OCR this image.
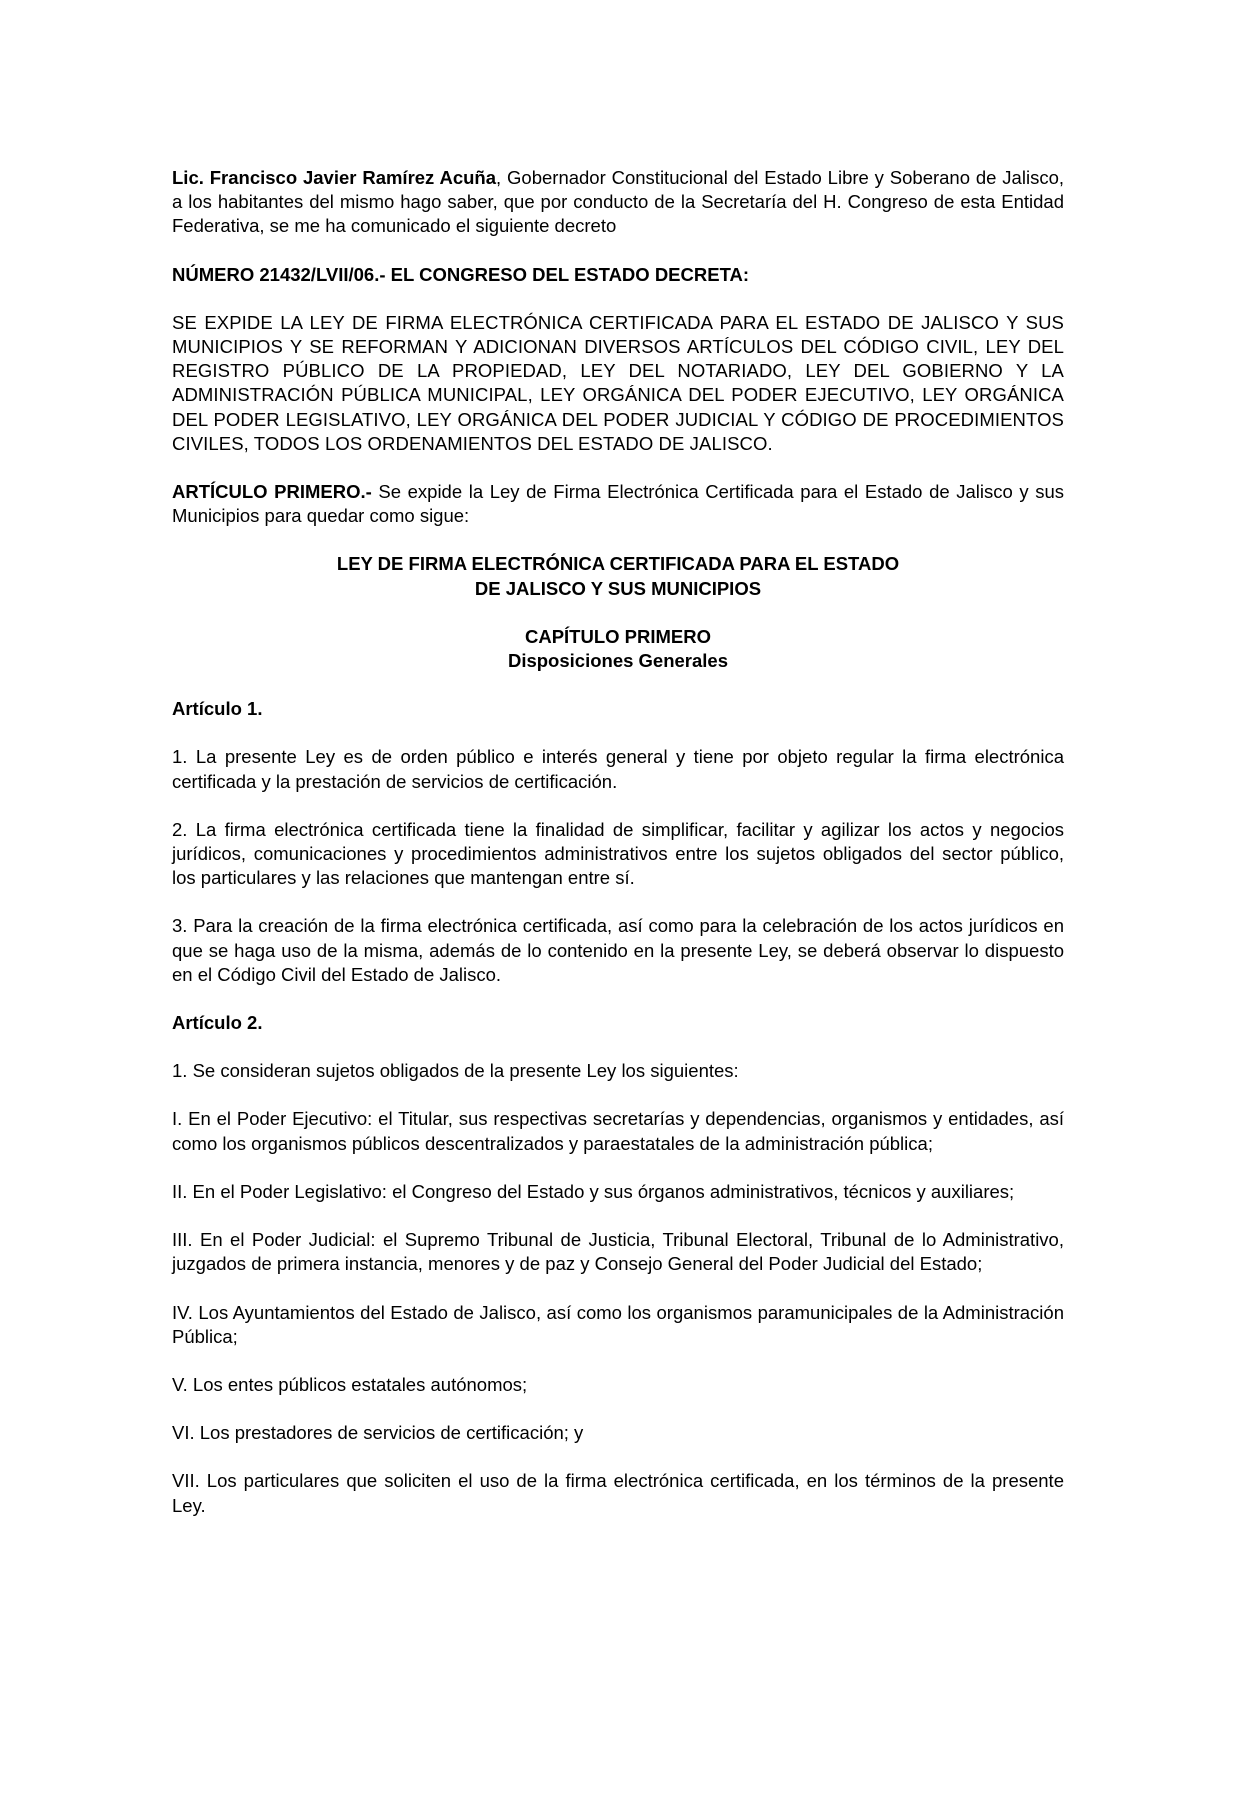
Lic. Francisco Javier Ramírez Acuña, Gobernador Constitucional del Estado Libre y Soberano de Jalisco, a los habitantes del mismo hago saber, que por conducto de la Secretaría del H. Congreso de esta Entidad Federativa, se me ha comunicado el siguiente decreto

NÚMERO 21432/LVII/06.- EL CONGRESO DEL ESTADO DECRETA:

SE EXPIDE LA LEY DE FIRMA ELECTRÓNICA CERTIFICADA PARA EL ESTADO DE JALISCO Y SUS MUNICIPIOS Y SE REFORMAN Y ADICIONAN DIVERSOS ARTÍCULOS DEL CÓDIGO CIVIL, LEY DEL REGISTRO PÚBLICO DE LA PROPIEDAD, LEY DEL NOTARIADO, LEY DEL GOBIERNO Y LA ADMINISTRACIÓN PÚBLICA MUNICIPAL, LEY ORGÁNICA DEL PODER EJECUTIVO, LEY ORGÁNICA DEL PODER LEGISLATIVO, LEY ORGÁNICA DEL PODER JUDICIAL Y CÓDIGO DE PROCEDIMIENTOS CIVILES, TODOS LOS ORDENAMIENTOS DEL ESTADO DE JALISCO.

ARTÍCULO PRIMERO.- Se expide la Ley de Firma Electrónica Certificada para el Estado de Jalisco y sus Municipios para quedar como sigue:

LEY DE FIRMA ELECTRÓNICA CERTIFICADA PARA EL ESTADO
DE JALISCO Y SUS MUNICIPIOS

CAPÍTULO PRIMERO
Disposiciones Generales

Artículo 1.

1. La presente Ley es de orden público e interés general y tiene por objeto regular la firma electrónica certificada y la prestación de servicios de certificación.

2. La firma electrónica certificada tiene la finalidad de simplificar, facilitar y agilizar los actos y negocios jurídicos, comunicaciones y procedimientos administrativos entre los sujetos obligados del sector público, los particulares y las relaciones que mantengan entre sí.

3. Para la creación de la firma electrónica certificada, así como para la celebración de los actos jurídicos en que se haga uso de la misma, además de lo contenido en la presente Ley, se deberá observar lo dispuesto en el Código Civil del Estado de Jalisco.

Artículo 2.

1. Se consideran sujetos obligados de la presente Ley los siguientes:

I. En el Poder Ejecutivo: el Titular, sus respectivas secretarías y dependencias, organismos y entidades, así como los organismos públicos descentralizados y paraestatales de la administración pública;

II. En el Poder Legislativo: el Congreso del Estado y sus órganos administrativos, técnicos y auxiliares;

III. En el Poder Judicial: el Supremo Tribunal de Justicia, Tribunal Electoral, Tribunal de lo Administrativo, juzgados de primera instancia, menores y de paz y Consejo General del Poder Judicial del Estado;

IV. Los Ayuntamientos del Estado de Jalisco, así como los organismos paramunicipales de la Administración Pública;

V. Los entes públicos estatales autónomos;

VI. Los prestadores de servicios de certificación; y

VII. Los particulares que soliciten el uso de la firma electrónica certificada, en los términos de la presente Ley.
